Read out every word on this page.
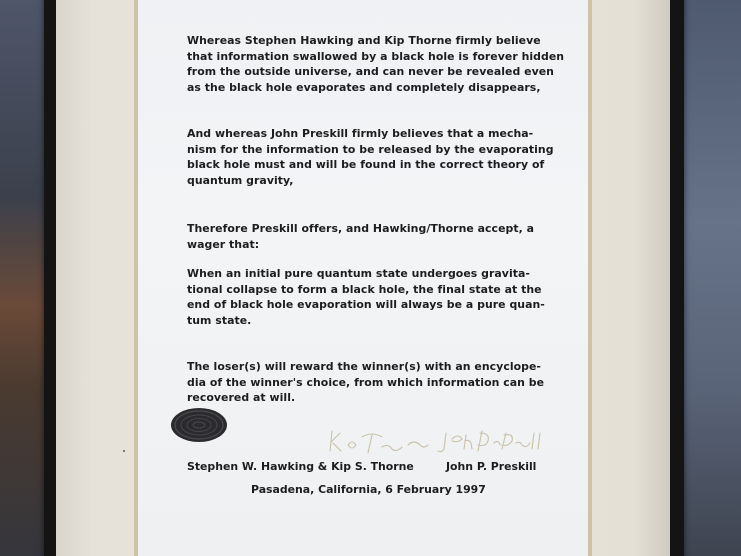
Whereas Stephen Hawking and Kip Thorne firmly believe
that information swallowed by a black hole is forever hidden
from the outside universe, and can never be revealed even
as the black hole evaporates and completely disappears,

And whereas John Preskill firmly believes that a mecha-
nism for the information to be released by the evaporating
black hole must and will be found in the correct theory of
quantum gravity,

Therefore Preskill offers, and Hawking/Thorne accept, a
wager that:

When an initial pure quantum state undergoes gravita-
tional collapse to form a black hole, the final state at the
end of black hole evaporation will always be a pure quan-
tum state.

The loser(s) will reward the winner(s) with an encyclope-
dia of the winner's choice, from which information can be
recovered at will.

Stephen W. Hawking & Kip S. Thorne	John P. Preskill
Pasadena, California, 6 February 1997
